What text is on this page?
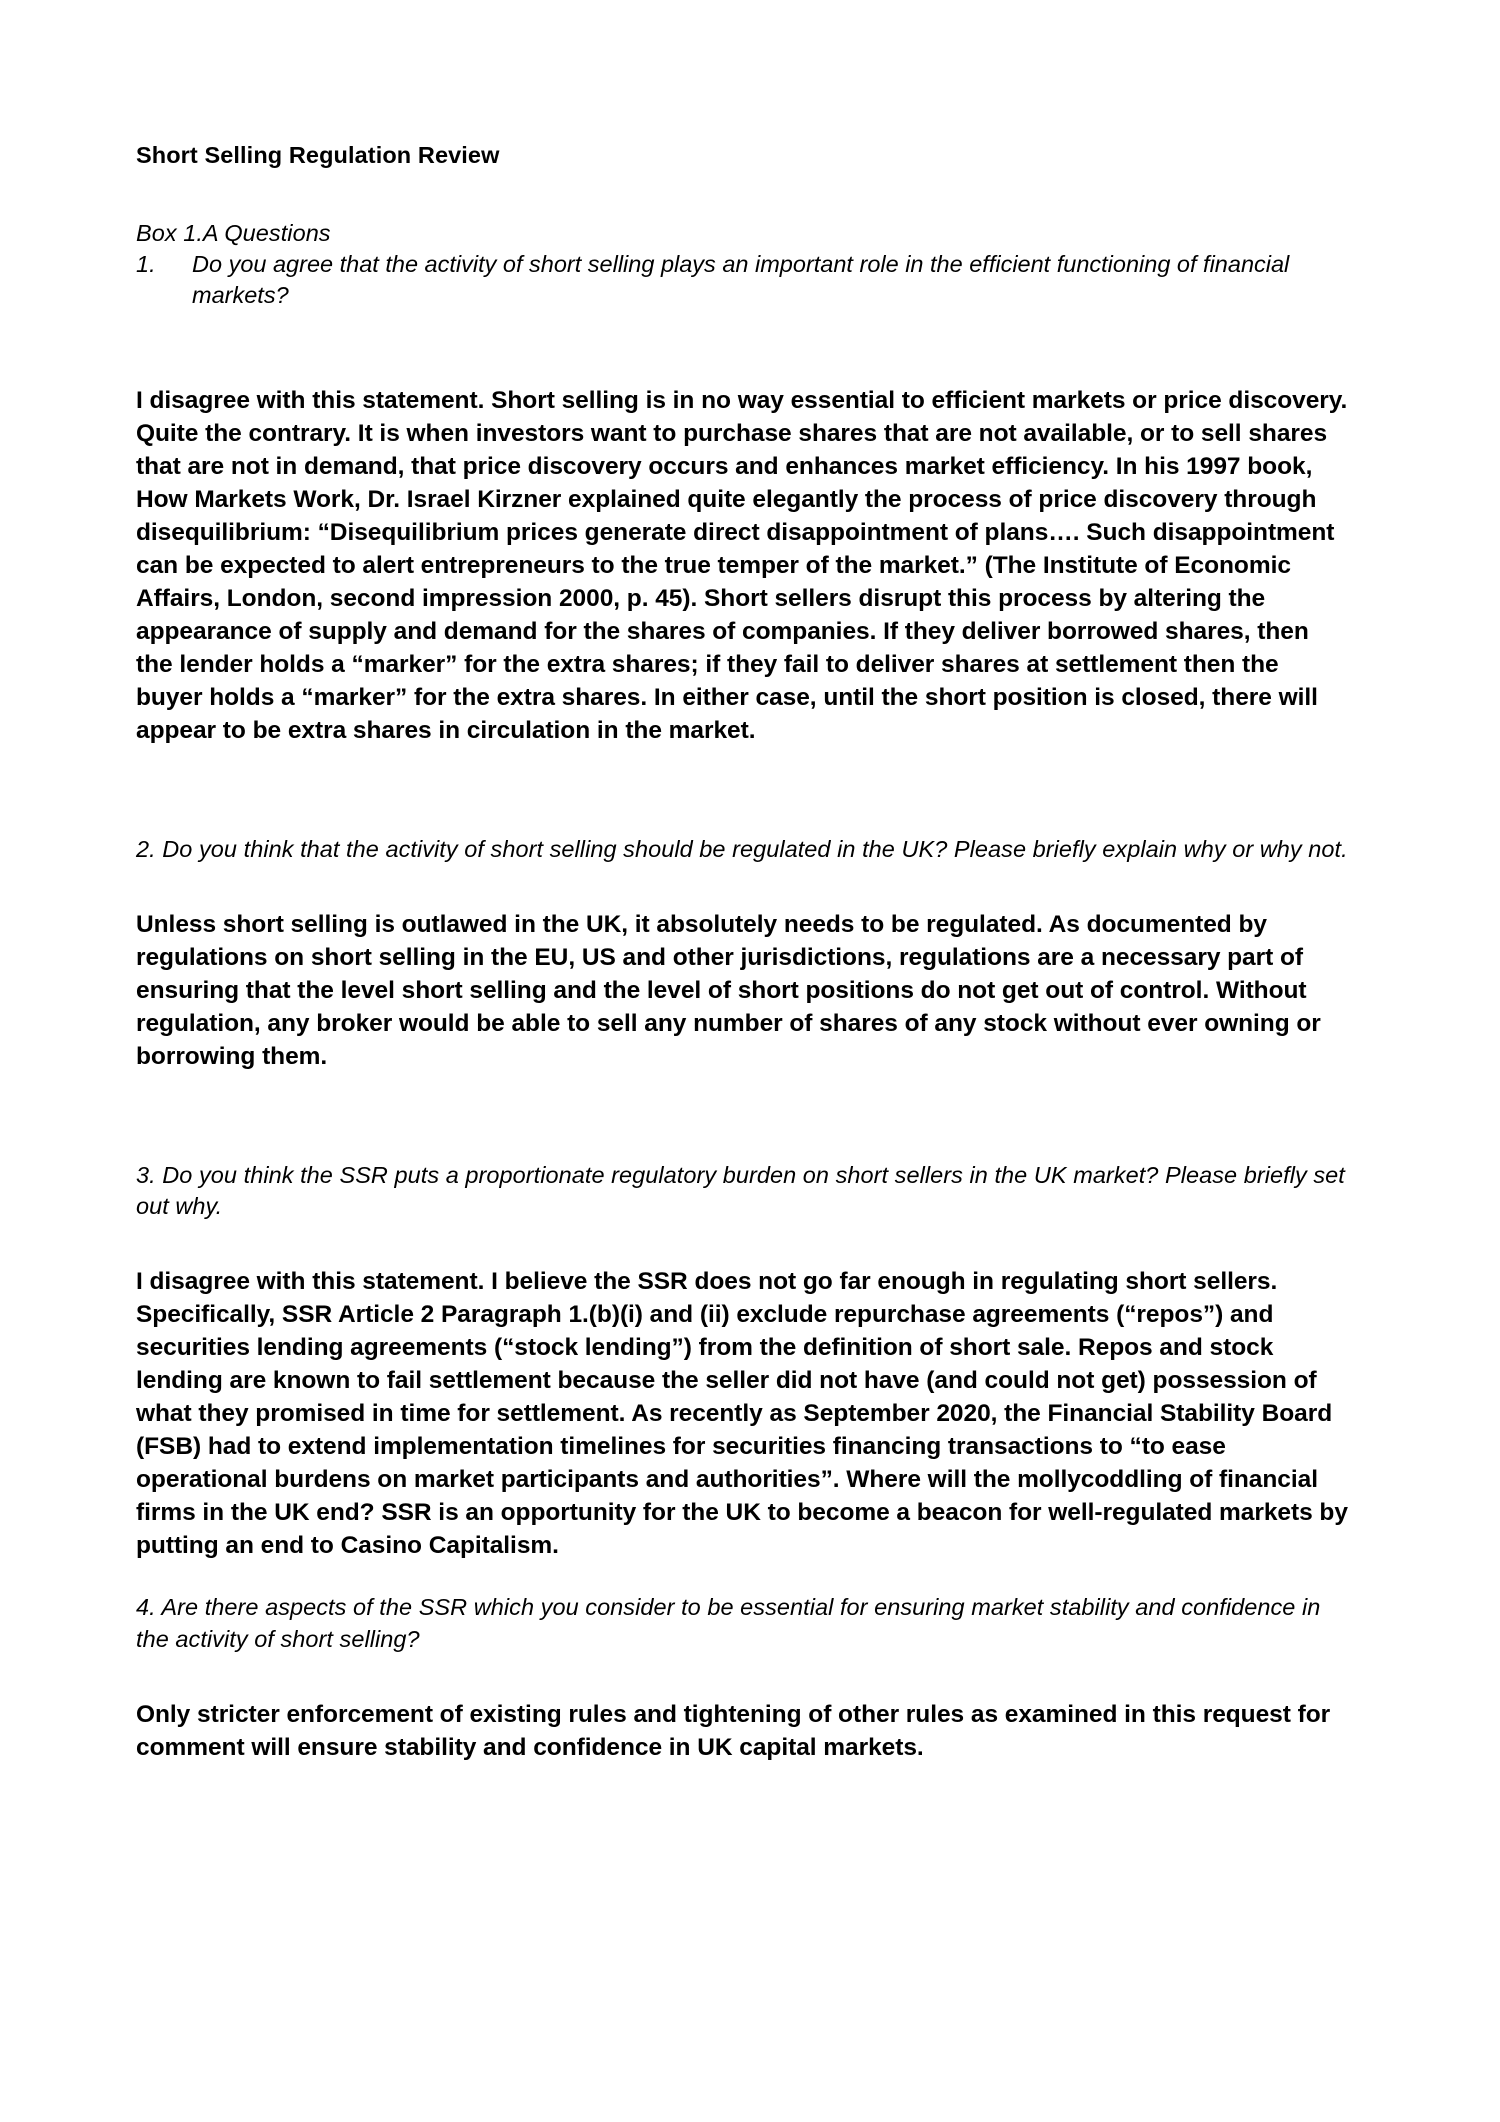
Short Selling Regulation Review
Box 1.A Questions
1. Do you agree that the activity of short selling plays an important role in the efficient functioning of financial markets?

I disagree with this statement. Short selling is in no way essential to efficient markets or price discovery. Quite the contrary. It is when investors want to purchase shares that are not available, or to sell shares that are not in demand, that price discovery occurs and enhances market efficiency. In his 1997 book, How Markets Work, Dr. Israel Kirzner explained quite elegantly the process of price discovery through disequilibrium: “Disequilibrium prices generate direct disappointment of plans…. Such disappointment can be expected to alert entrepreneurs to the true temper of the market.” (The Institute of Economic Affairs, London, second impression 2000, p. 45). Short sellers disrupt this process by altering the appearance of supply and demand for the shares of companies. If they deliver borrowed shares, then the lender holds a “marker” for the extra shares; if they fail to deliver shares at settlement then the buyer holds a “marker” for the extra shares. In either case, until the short position is closed, there will appear to be extra shares in circulation in the market.

2. Do you think that the activity of short selling should be regulated in the UK? Please briefly explain why or why not.

Unless short selling is outlawed in the UK, it absolutely needs to be regulated. As documented by regulations on short selling in the EU, US and other jurisdictions, regulations are a necessary part of ensuring that the level short selling and the level of short positions do not get out of control. Without regulation, any broker would be able to sell any number of shares of any stock without ever owning or borrowing them.

3. Do you think the SSR puts a proportionate regulatory burden on short sellers in the UK market? Please briefly set out why.

I disagree with this statement. I believe the SSR does not go far enough in regulating short sellers. Specifically, SSR Article 2 Paragraph 1.(b)(i) and (ii) exclude repurchase agreements (“repos”) and securities lending agreements (“stock lending”) from the definition of short sale. Repos and stock lending are known to fail settlement because the seller did not have (and could not get) possession of what they promised in time for settlement. As recently as September 2020, the Financial Stability Board (FSB) had to extend implementation timelines for securities financing transactions to “to ease operational burdens on market participants and authorities”. Where will the mollycoddling of financial firms in the UK end? SSR is an opportunity for the UK to become a beacon for well-regulated markets by putting an end to Casino Capitalism.

4. Are there aspects of the SSR which you consider to be essential for ensuring market stability and confidence in the activity of short selling?

Only stricter enforcement of existing rules and tightening of other rules as examined in this request for comment will ensure stability and confidence in UK capital markets.
